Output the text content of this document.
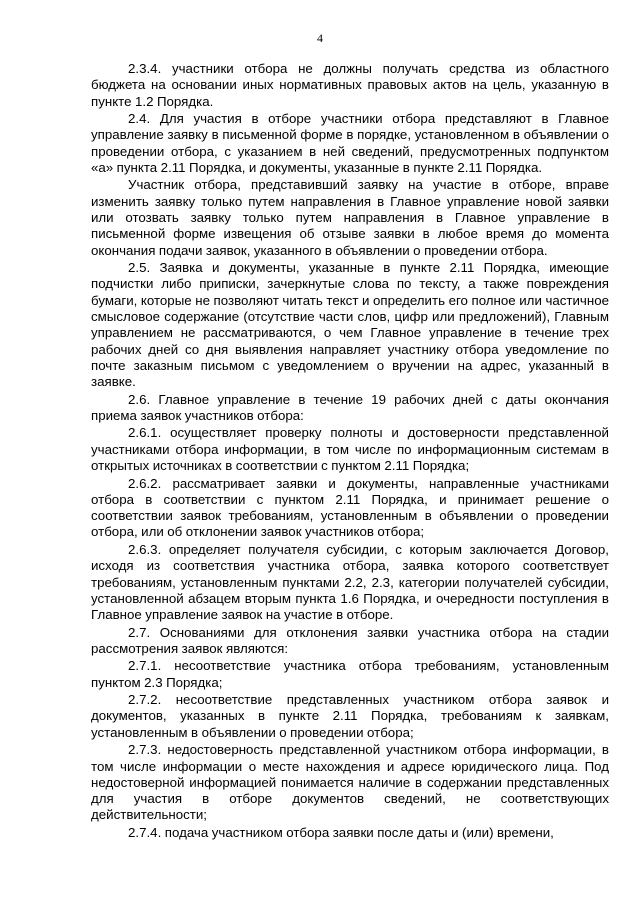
4

2.3.4. участники отбора не должны получать средства из областного бюджета на основании иных нормативных правовых актов на цель, указанную в пункте 1.2 Порядка.

2.4. Для участия в отборе участники отбора представляют в Главное управление заявку в письменной форме в порядке, установленном в объявлении о проведении отбора, с указанием в ней сведений, предусмотренных подпунктом «а» пункта 2.11 Порядка, и документы, указанные в пункте 2.11 Порядка.

Участник отбора, представивший заявку на участие в отборе, вправе изменить заявку только путем направления в Главное управление новой заявки или отозвать заявку только путем направления в Главное управление в письменной форме извещения об отзыве заявки в любое время до момента окончания подачи заявок, указанного в объявлении о проведении отбора.

2.5. Заявка и документы, указанные в пункте 2.11 Порядка, имеющие подчистки либо приписки, зачеркнутые слова по тексту, а также повреждения бумаги, которые не позволяют читать текст и определить его полное или частичное смысловое содержание (отсутствие части слов, цифр или предложений), Главным управлением не рассматриваются, о чем Главное управление в течение трех рабочих дней со дня выявления направляет участнику отбора уведомление по почте заказным письмом с уведомлением о вручении на адрес, указанный в заявке.

2.6. Главное управление в течение 19 рабочих дней с даты окончания приема заявок участников отбора:

2.6.1. осуществляет проверку полноты и достоверности представленной участниками отбора информации, в том числе по информационным системам в открытых источниках в соответствии с пунктом 2.11 Порядка;

2.6.2. рассматривает заявки и документы, направленные участниками отбора в соответствии с пунктом 2.11 Порядка, и принимает решение о соответствии заявок требованиям, установленным в объявлении о проведении отбора, или об отклонении заявок участников отбора;

2.6.3. определяет получателя субсидии, с которым заключается Договор, исходя из соответствия участника отбора, заявка которого соответствует требованиям, установленным пунктами 2.2, 2.3, категории получателей субсидии, установленной абзацем вторым пункта 1.6 Порядка, и очередности поступления в Главное управление заявок на участие в отборе.

2.7. Основаниями для отклонения заявки участника отбора на стадии рассмотрения заявок являются:

2.7.1. несоответствие участника отбора требованиям, установленным пунктом 2.3 Порядка;

2.7.2. несоответствие представленных участником отбора заявок и документов, указанных в пункте 2.11 Порядка, требованиям к заявкам, установленным в объявлении о проведении отбора;

2.7.3. недостоверность представленной участником отбора информации, в том числе информации о месте нахождения и адресе юридического лица. Под недостоверной информацией понимается наличие в содержании представленных для участия в отборе документов сведений, не соответствующих действительности;

2.7.4. подача участником отбора заявки после даты и (или) времени,
